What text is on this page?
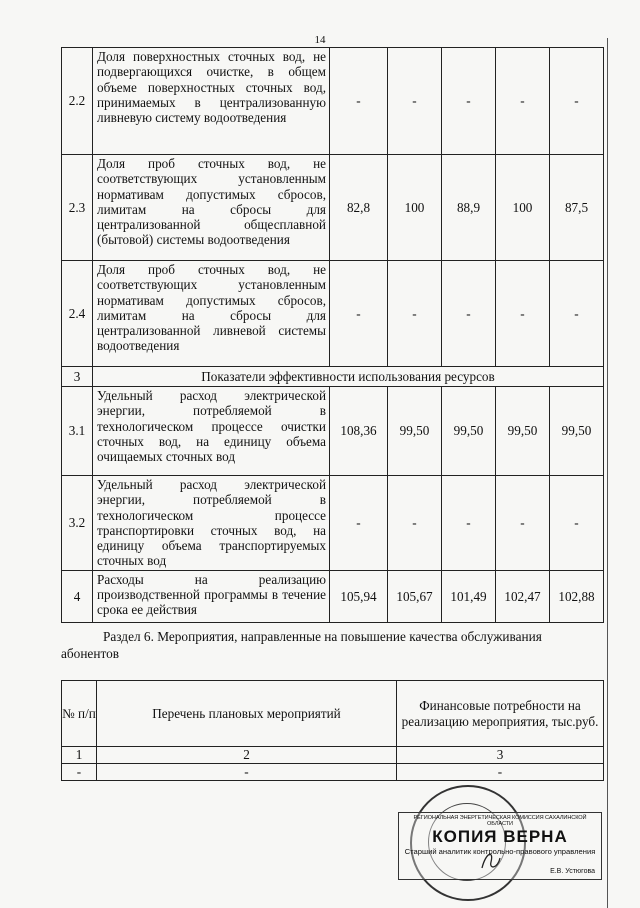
14
2.2	Доля поверхностных сточных вод, не подвергающихся очистке, в общем объеме поверхностных сточных вод, принимаемых в централизованную ливневую систему водоотведения	-	-	-	-	-
2.3	Доля проб сточных вод, не соответствующих установленным нормативам допустимых сбросов, лимитам на сбросы для централизованной общесплавной (бытовой) системы водоотведения	82,8	100	88,9	100	87,5
2.4	Доля проб сточных вод, не соответствующих установленным нормативам допустимых сбросов, лимитам на сбросы для централизованной ливневой системы водоотведения	-	-	-	-	-
3	Показатели эффективности использования ресурсов					
3.1	Удельный расход электрической энергии, потребляемой в технологическом процессе очистки сточных вод, на единицу объема очищаемых сточных вод	108,36	99,50	99,50	99,50	99,50
3.2	Удельный расход электрической энергии, потребляемой в технологическом процессе транспортировки сточных вод, на единицу объема транспортируемых сточных вод	-	-	-	-	-
4	Расходы на реализацию производственной программы в течение срока ее действия	105,94	105,67	101,49	102,47	102,88
Раздел 6. Мероприятия, направленные на повышение качества обслуживания абонентов
№ п/п	Перечень плановых мероприятий	Финансовые потребности на реализацию мероприятия, тыс.руб.
1	2	3
-	-	-
РЕГИОНАЛЬНАЯ ЭНЕРГЕТИЧЕСКАЯ КОМИССИЯ САХАЛИНСКОЙ ОБЛАСТИ
КОПИЯ ВЕРНА
Старший аналитик контрольно-правового управления
Е.В. Устюгова
